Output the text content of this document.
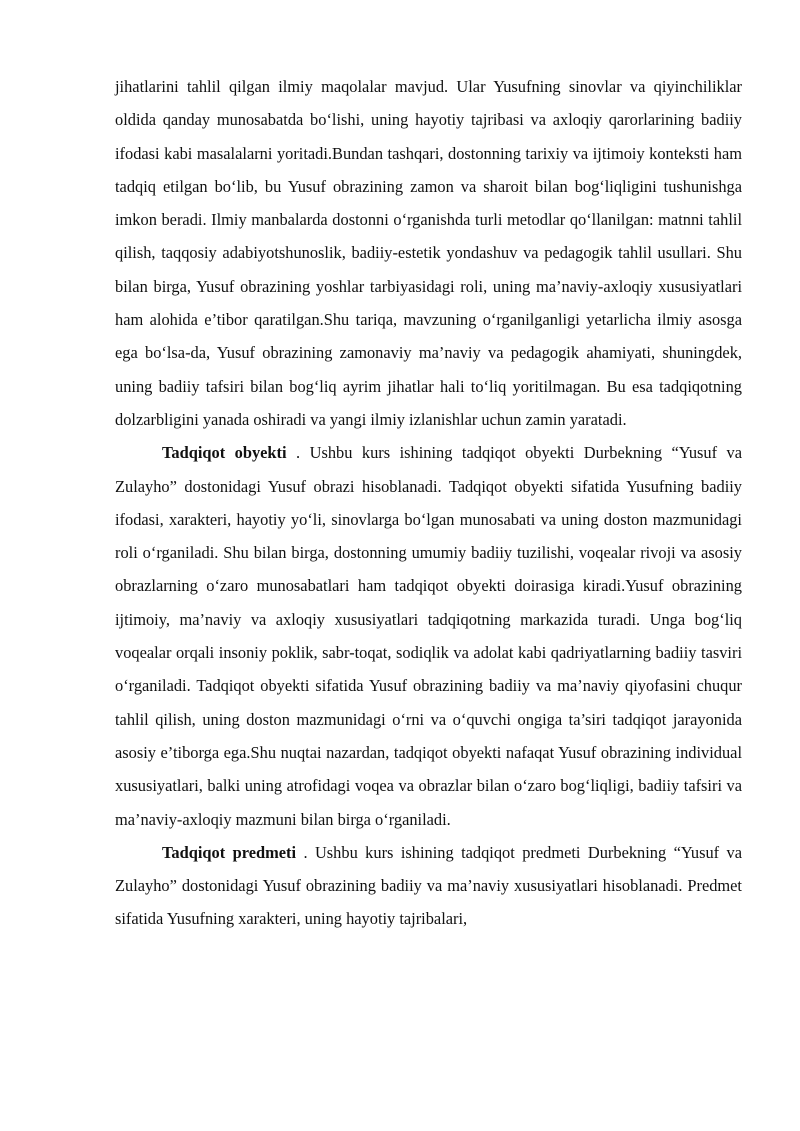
jihatlarini tahlil qilgan ilmiy maqolalar mavjud. Ular Yusufning sinovlar va qiyinchiliklar oldida qanday munosabatda bo‘lishi, uning hayotiy tajribasi va axloqiy qarorlarining badiiy ifodasi kabi masalalarni yoritadi.Bundan tashqari, dostonning tarixiy va ijtimoiy konteksti ham tadqiq etilgan bo‘lib, bu Yusuf obrazining zamon va sharoit bilan bog‘liqligini tushunishga imkon beradi. Ilmiy manbalarda dostonni o‘rganishda turli metodlar qo‘llanilgan: matnni tahlil qilish, taqqosiy adabiyotshunoslik, badiiy-estetik yondashuv va pedagogik tahlil usullari. Shu bilan birga, Yusuf obrazining yoshlar tarbiyasidagi roli, uning ma’naviy-axloqiy xususiyatlari ham alohida e’tibor qaratilgan.Shu tariqa, mavzuning o‘rganilganligi yetarlicha ilmiy asosga ega bo‘lsa-da, Yusuf obrazining zamonaviy ma’naviy va pedagogik ahamiyati, shuningdek, uning badiiy tafsiri bilan bog‘liq ayrim jihatlar hali to‘liq yoritilmagan. Bu esa tadqiqotning dolzarbligini yanada oshiradi va yangi ilmiy izlanishlar uchun zamin yaratadi.

Tadqiqot obyekti . Ushbu kurs ishining tadqiqot obyekti Durbekning “Yusuf va Zulayho” dostonidagi Yusuf obrazi hisoblanadi. Tadqiqot obyekti sifatida Yusufning badiiy ifodasi, xarakteri, hayotiy yo‘li, sinovlarga bo‘lgan munosabati va uning doston mazmunidagi roli o‘rganiladi. Shu bilan birga, dostonning umumiy badiiy tuzilishi, voqealar rivoji va asosiy obrazlarning o‘zaro munosabatlari ham tadqiqot obyekti doirasiga kiradi.Yusuf obrazining ijtimoiy, ma’naviy va axloqiy xususiyatlari tadqiqotning markazida turadi. Unga bog‘liq voqealar orqali insoniy poklik, sabr-toqat, sodiqlik va adolat kabi qadriyatlarning badiiy tasviri o‘rganiladi. Tadqiqot obyekti sifatida Yusuf obrazining badiiy va ma’naviy qiyofasini chuqur tahlil qilish, uning doston mazmunidagi o‘rni va o‘quvchi ongiga ta’siri tadqiqot jarayonida asosiy e’tiborga ega.Shu nuqtai nazardan, tadqiqot obyekti nafaqat Yusuf obrazining individual xususiyatlari, balki uning atrofidagi voqea va obrazlar bilan o‘zaro bog‘liqligi, badiiy tafsiri va ma’naviy-axloqiy mazmuni bilan birga o‘rganiladi.

Tadqiqot predmeti . Ushbu kurs ishining tadqiqot predmeti Durbekning “Yusuf va Zulayho” dostonidagi Yusuf obrazining badiiy va ma’naviy xususiyatlari hisoblanadi. Predmet sifatida Yusufning xarakteri, uning hayotiy tajribalari,
